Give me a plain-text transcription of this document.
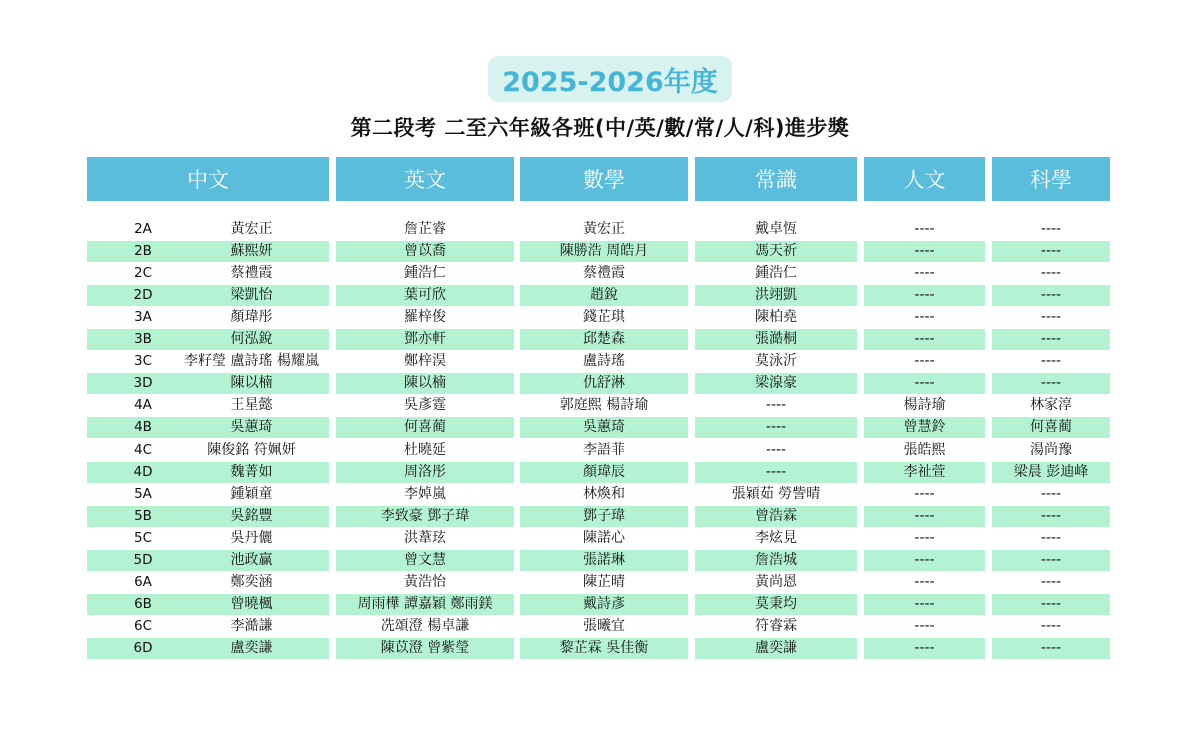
2025-2026年度
第二段考 二至六年級各班(中/英/數/常/人/科)進步獎
中文	英文	數學	常識	人文	科學
2A	黃宏正	詹芷睿	黃宏正	戴卓恆	----	----
2B	蘇熙妍	曾苡喬	陳勝浩 周皓月	馮天祈	----	----
2C	蔡禮霞	鍾浩仁	蔡禮霞	鍾浩仁	----	----
2D	梁凱怡	葉可欣	趙銳	洪翊凱	----	----
3A	顏瑋彤	羅梓俊	錢芷琪	陳柏堯	----	----
3B	何泓銳	鄧亦軒	邱楚森	張澔桐	----	----
3C	李籽瑩 盧詩瑤 楊耀嵐	鄭梓淏	盧詩瑤	莫泳沂	----	----
3D	陳以楠	陳以楠	仇舒淋	梁湶豪	----	----
4A	王星懿	吳彥霆	郭庭熙 楊詩瑜	----	楊詩瑜	林家淳
4B	吳蕙琦	何喜蔺	吳蕙琦	----	曾慧鈴	何喜蔺
4C	陳俊銘 符姵妍	杜曉延	李語菲	----	張皓熙	湯尚豫
4D	魏菁如	周洛彤	顏瑋辰	----	李祉萱	梁晨 彭迪峰
5A	鍾穎童	李婥嵐	林煥和	張穎茹 勞訾晴	----	----
5B	吳銘豐	李致豪 鄧子瑋	鄧子瑋	曾浩霖	----	----
5C	吳丹儷	洪葦玹	陳諾心	李炫見	----	----
5D	池政贏	曾文慧	張諾琳	詹浩城	----	----
6A	鄭奕涵	黃浩怡	陳芷晴	黃尚恩	----	----
6B	曾曉楓	周雨樺 譚嘉穎 鄭雨鎂	戴詩彥	莫秉均	----	----
6C	李澔謙	冼頌澄 楊卓謙	張曦宜	符睿霖	----	----
6D	盧奕謙	陳苡澄 曾紫瑩	黎芷霖 吳佳衡	盧奕謙	----	----
